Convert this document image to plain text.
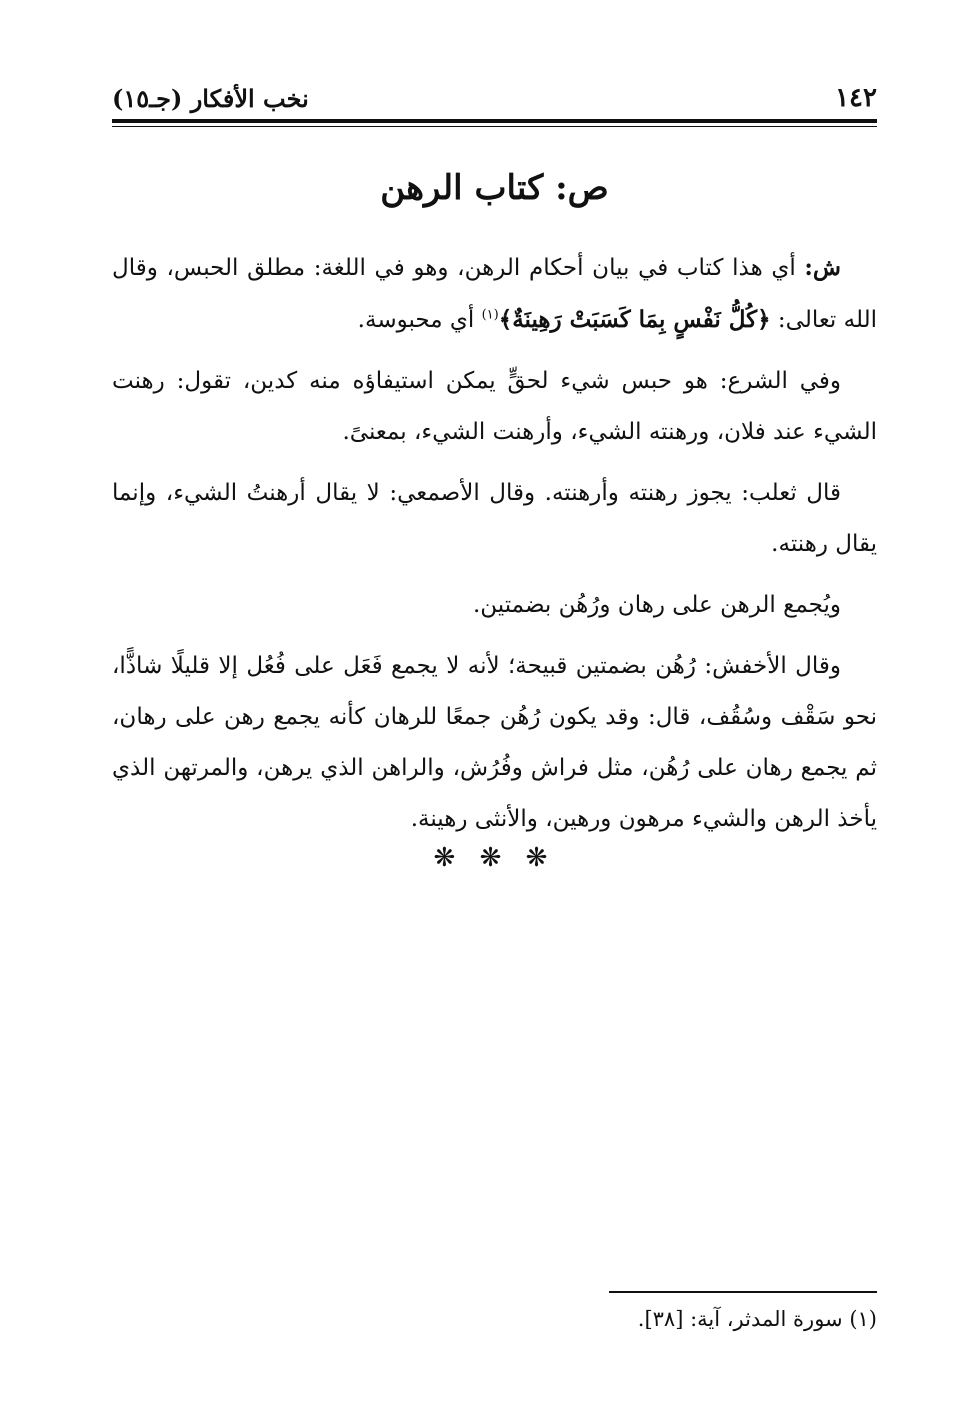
١٤٢
نخب الأفكار (جـ١٥)
ص: كتاب الرهن

ش: أي هذا كتاب في بيان أحكام الرهن، وهو في اللغة: مطلق الحبس، وقال الله تعالى: ﴿كُلُّ نَفْسٍ بِمَا كَسَبَتْ رَهِينَةٌ﴾$^{(١)}$ أي محبوسة.

وفي الشرع: هو حبس شيء لحقٍّ يمكن استيفاؤه منه كدين، تقول: رهنت الشيء عند فلان، ورهنته الشيء، وأرهنت الشيء، بمعنىً.

قال ثعلب: يجوز رهنته وأرهنته. وقال الأصمعي: لا يقال أرهنتُ الشيء، وإنما يقال رهنته.

ويُجمع الرهن على رهان ورُهُن بضمتين.

وقال الأخفش: رُهُن بضمتين قبيحة؛ لأنه لا يجمع فَعَل على فُعُل إلا قليلًا شاذًّا، نحو سَقْف وسُقُف، قال: وقد يكون رُهُن جمعًا للرهان كأنه يجمع رهن على رهان، ثم يجمع رهان على رُهُن، مثل فراش وفُرُش، والراهن الذي يرهن، والمرتهن الذي يأخذ الرهن والشيء مرهون ورهين، والأنثى رهينة.

❋ ❋ ❋
(١) سورة المدثر، آية: [٣٨].
